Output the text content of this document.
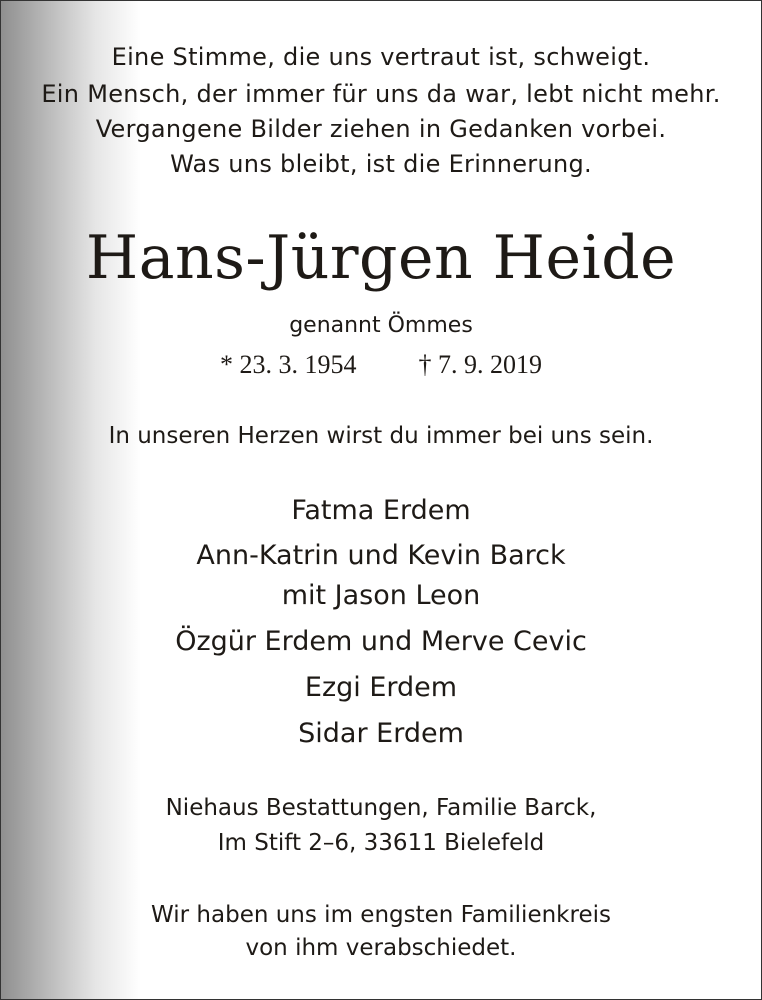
Eine Stimme, die uns vertraut ist, schweigt.
Ein Mensch, der immer für uns da war, lebt nicht mehr.
Vergangene Bilder ziehen in Gedanken vorbei.
Was uns bleibt, ist die Erinnerung.
Hans-Jürgen Heide
genannt Ömmes
* 23. 3. 1954 † 7. 9. 2019
In unseren Herzen wirst du immer bei uns sein.
Fatma Erdem
Ann-Katrin und Kevin Barck
mit Jason Leon
Özgür Erdem und Merve Cevic
Ezgi Erdem
Sidar Erdem
Niehaus Bestattungen, Familie Barck,
Im Stift 2–6, 33611 Bielefeld
Wir haben uns im engsten Familienkreis
von ihm verabschiedet.
